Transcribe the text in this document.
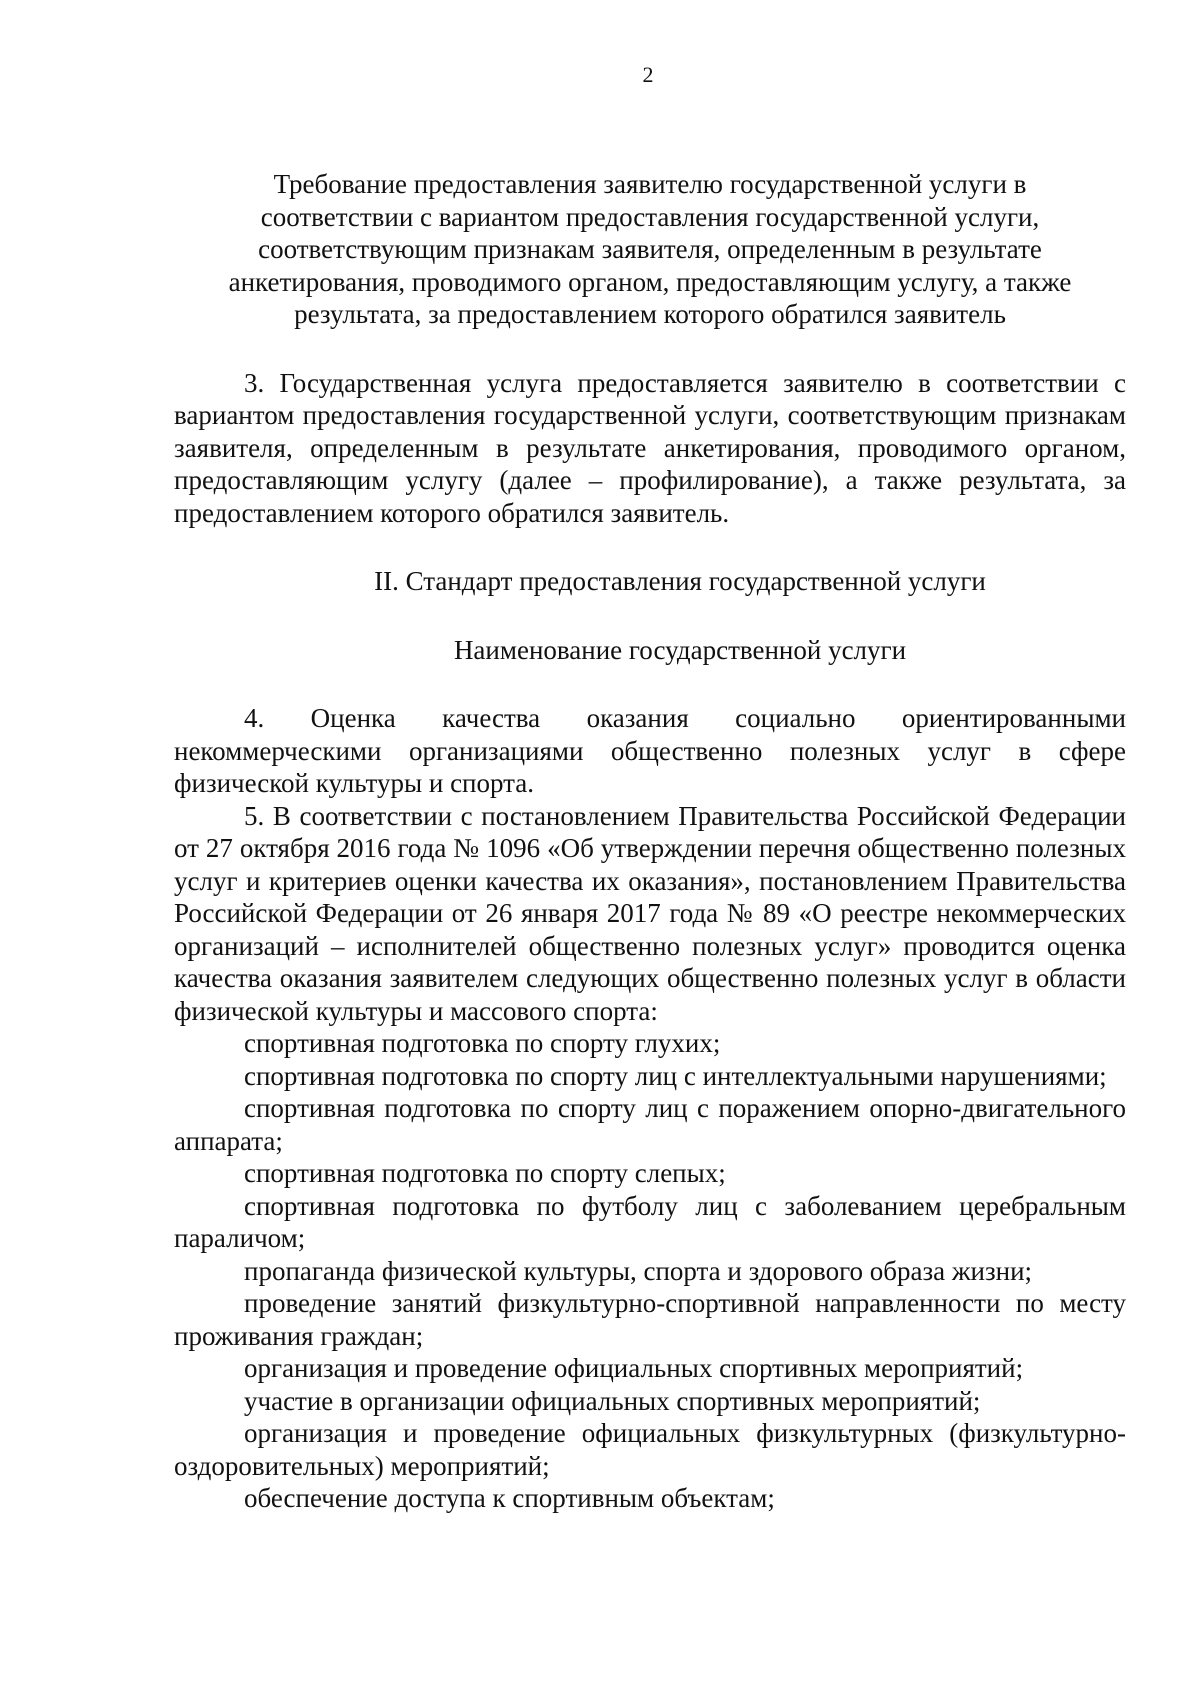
2

Требование предоставления заявителю государственной услуги в
соответствии с вариантом предоставления государственной услуги,
соответствующим признакам заявителя, определенным в результате
анкетирования, проводимого органом, предоставляющим услугу, а также
результата, за предоставлением которого обратился заявитель

3. Государственная услуга предоставляется заявителю в соответствии с вариантом предоставления государственной услуги, соответствующим признакам заявителя, определенным в результате анкетирования, проводимого органом, предоставляющим услугу (далее – профилирование), а также результата, за предоставлением которого обратился заявитель.

II. Стандарт предоставления государственной услуги

Наименование государственной услуги

4. Оценка качества оказания социально ориентированными некоммерческими организациями общественно полезных услуг в сфере физической культуры и спорта.

5. В соответствии с постановлением Правительства Российской Федерации от 27 октября 2016 года № 1096 «Об утверждении перечня общественно полезных услуг и критериев оценки качества их оказания», постановлением Правительства Российской Федерации от 26 января 2017 года № 89 «О реестре некоммерческих организаций – исполнителей общественно полезных услуг» проводится оценка качества оказания заявителем следующих общественно полезных услуг в области физической культуры и массового спорта:

спортивная подготовка по спорту глухих;

спортивная подготовка по спорту лиц с интеллектуальными нарушениями;

спортивная подготовка по спорту лиц с поражением опорно-двигательного аппарата;

спортивная подготовка по спорту слепых;

спортивная подготовка по футболу лиц с заболеванием церебральным параличом;

пропаганда физической культуры, спорта и здорового образа жизни;

проведение занятий физкультурно-спортивной направленности по месту проживания граждан;

организация и проведение официальных спортивных мероприятий;

участие в организации официальных спортивных мероприятий;

организация и проведение официальных физкультурных (физкультурно-оздоровительных) мероприятий;

обеспечение доступа к спортивным объектам;
